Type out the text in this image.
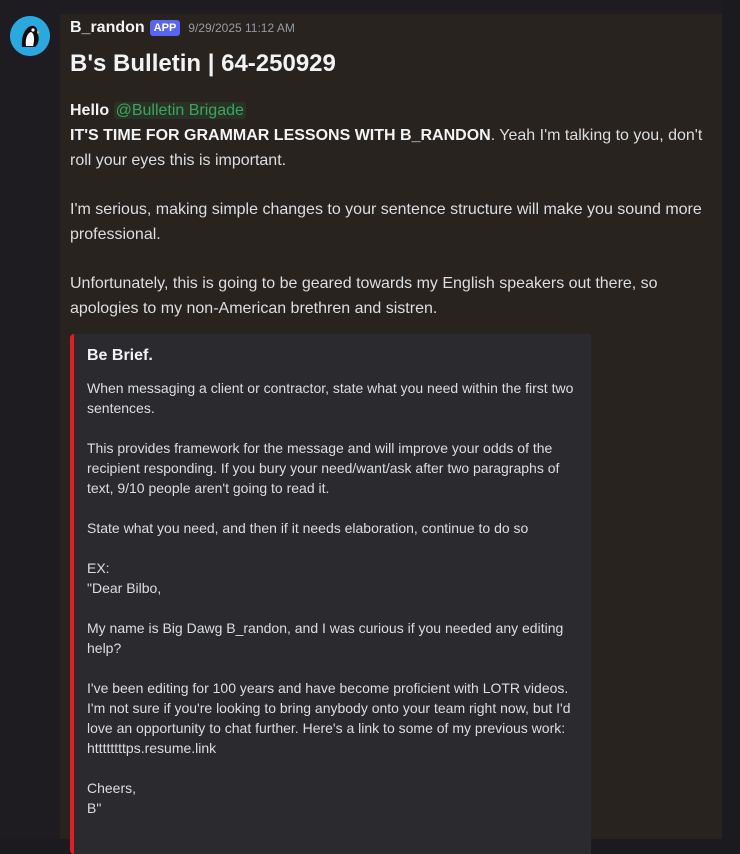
B_randon APP	9/29/2025 11:12 AM
B's Bulletin | 64-250929
Hello @Bulletin Brigade
IT'S TIME FOR GRAMMAR LESSONS WITH B_RANDON. Yeah I'm talking to you, don't roll your eyes this is important.
I'm serious, making simple changes to your sentence structure will make you sound more professional.
Unfortunately, this is going to be geared towards my English speakers out there, so apologies to my non-American brethren and sistren.
Be Brief.

When messaging a client or contractor, state what you need within the first two sentences.

This provides framework for the message and will improve your odds of the recipient responding. If you bury your need/want/ask after two paragraphs of text, 9/10 people aren't going to read it.

State what you need, and then if it needs elaboration, continue to do so

EX:

"Dear Bilbo,

My name is Big Dawg B_randon, and I was curious if you needed any editing help?

I've been editing for 100 years and have become proficient with LOTR videos. I'm not sure if you're looking to bring anybody onto your team right now, but I'd love an opportunity to chat further. Here's a link to some of my previous work: httttttttps.resume.link

Cheers,

B"
